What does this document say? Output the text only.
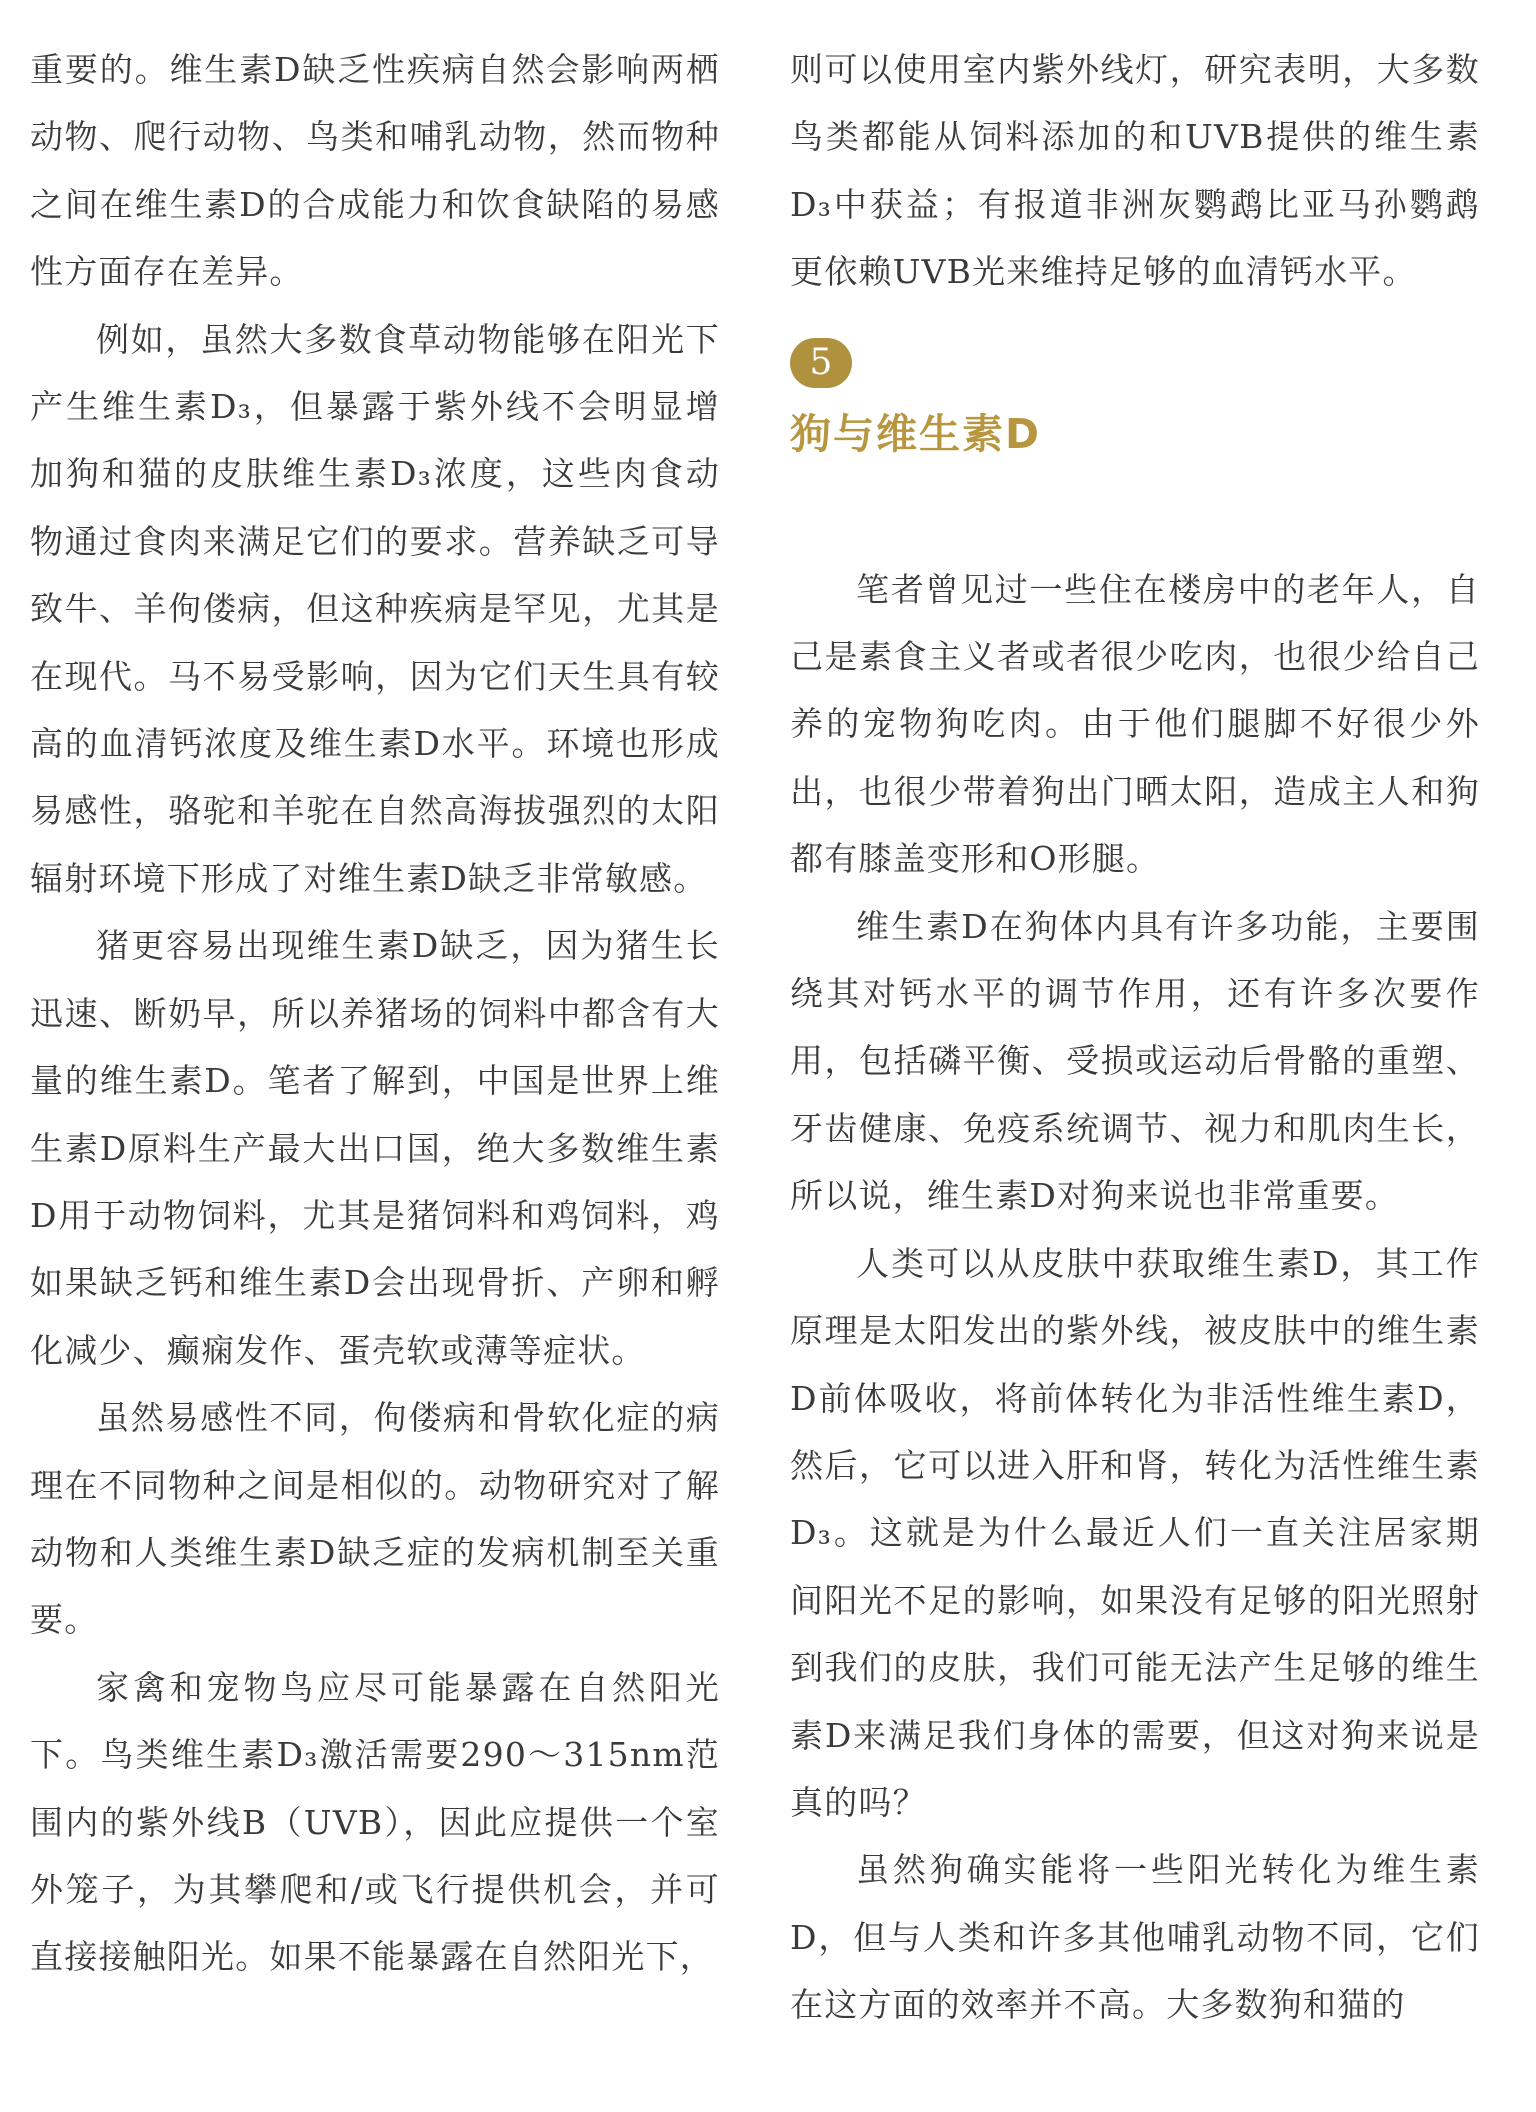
重要的。维生素D缺乏性疾病自然会影响两栖动物、爬行动物、鸟类和哺乳动物，然而物种之间在维生素D的合成能力和饮食缺陷的易感性方面存在差异。

例如，虽然大多数食草动物能够在阳光下产生维生素D₃，但暴露于紫外线不会明显增加狗和猫的皮肤维生素D₃浓度，这些肉食动物通过食肉来满足它们的要求。营养缺乏可导致牛、羊佝偻病，但这种疾病是罕见，尤其是在现代。马不易受影响，因为它们天生具有较高的血清钙浓度及维生素D水平。环境也形成易感性，骆驼和羊驼在自然高海拔强烈的太阳辐射环境下形成了对维生素D缺乏非常敏感。

猪更容易出现维生素D缺乏，因为猪生长迅速、断奶早，所以养猪场的饲料中都含有大量的维生素D。笔者了解到，中国是世界上维生素D原料生产最大出口国，绝大多数维生素D用于动物饲料，尤其是猪饲料和鸡饲料，鸡如果缺乏钙和维生素D会出现骨折、产卵和孵化减少、癫痫发作、蛋壳软或薄等症状。

虽然易感性不同，佝偻病和骨软化症的病理在不同物种之间是相似的。动物研究对了解动物和人类维生素D缺乏症的发病机制至关重要。

家禽和宠物鸟应尽可能暴露在自然阳光下。鸟类维生素D₃激活需要290～315nm范围内的紫外线B（UVB），因此应提供一个室外笼子，为其攀爬和/或飞行提供机会，并可直接接触阳光。如果不能暴露在自然阳光下，

则可以使用室内紫外线灯，研究表明，大多数鸟类都能从饲料添加的和UVB提供的维生素D₃中获益；有报道非洲灰鹦鹉比亚马孙鹦鹉更依赖UVB光来维持足够的血清钙水平。

5
狗与维生素D

笔者曾见过一些住在楼房中的老年人，自己是素食主义者或者很少吃肉，也很少给自己养的宠物狗吃肉。由于他们腿脚不好很少外出，也很少带着狗出门晒太阳，造成主人和狗都有膝盖变形和O形腿。

维生素D在狗体内具有许多功能，主要围绕其对钙水平的调节作用，还有许多次要作用，包括磷平衡、受损或运动后骨骼的重塑、牙齿健康、免疫系统调节、视力和肌肉生长，所以说，维生素D对狗来说也非常重要。

人类可以从皮肤中获取维生素D，其工作原理是太阳发出的紫外线，被皮肤中的维生素D前体吸收，将前体转化为非活性维生素D，然后，它可以进入肝和肾，转化为活性维生素D₃。这就是为什么最近人们一直关注居家期间阳光不足的影响，如果没有足够的阳光照射到我们的皮肤，我们可能无法产生足够的维生素D来满足我们身体的需要，但这对狗来说是真的吗？

虽然狗确实能将一些阳光转化为维生素D，但与人类和许多其他哺乳动物不同，它们在这方面的效率并不高。大多数狗和猫的
